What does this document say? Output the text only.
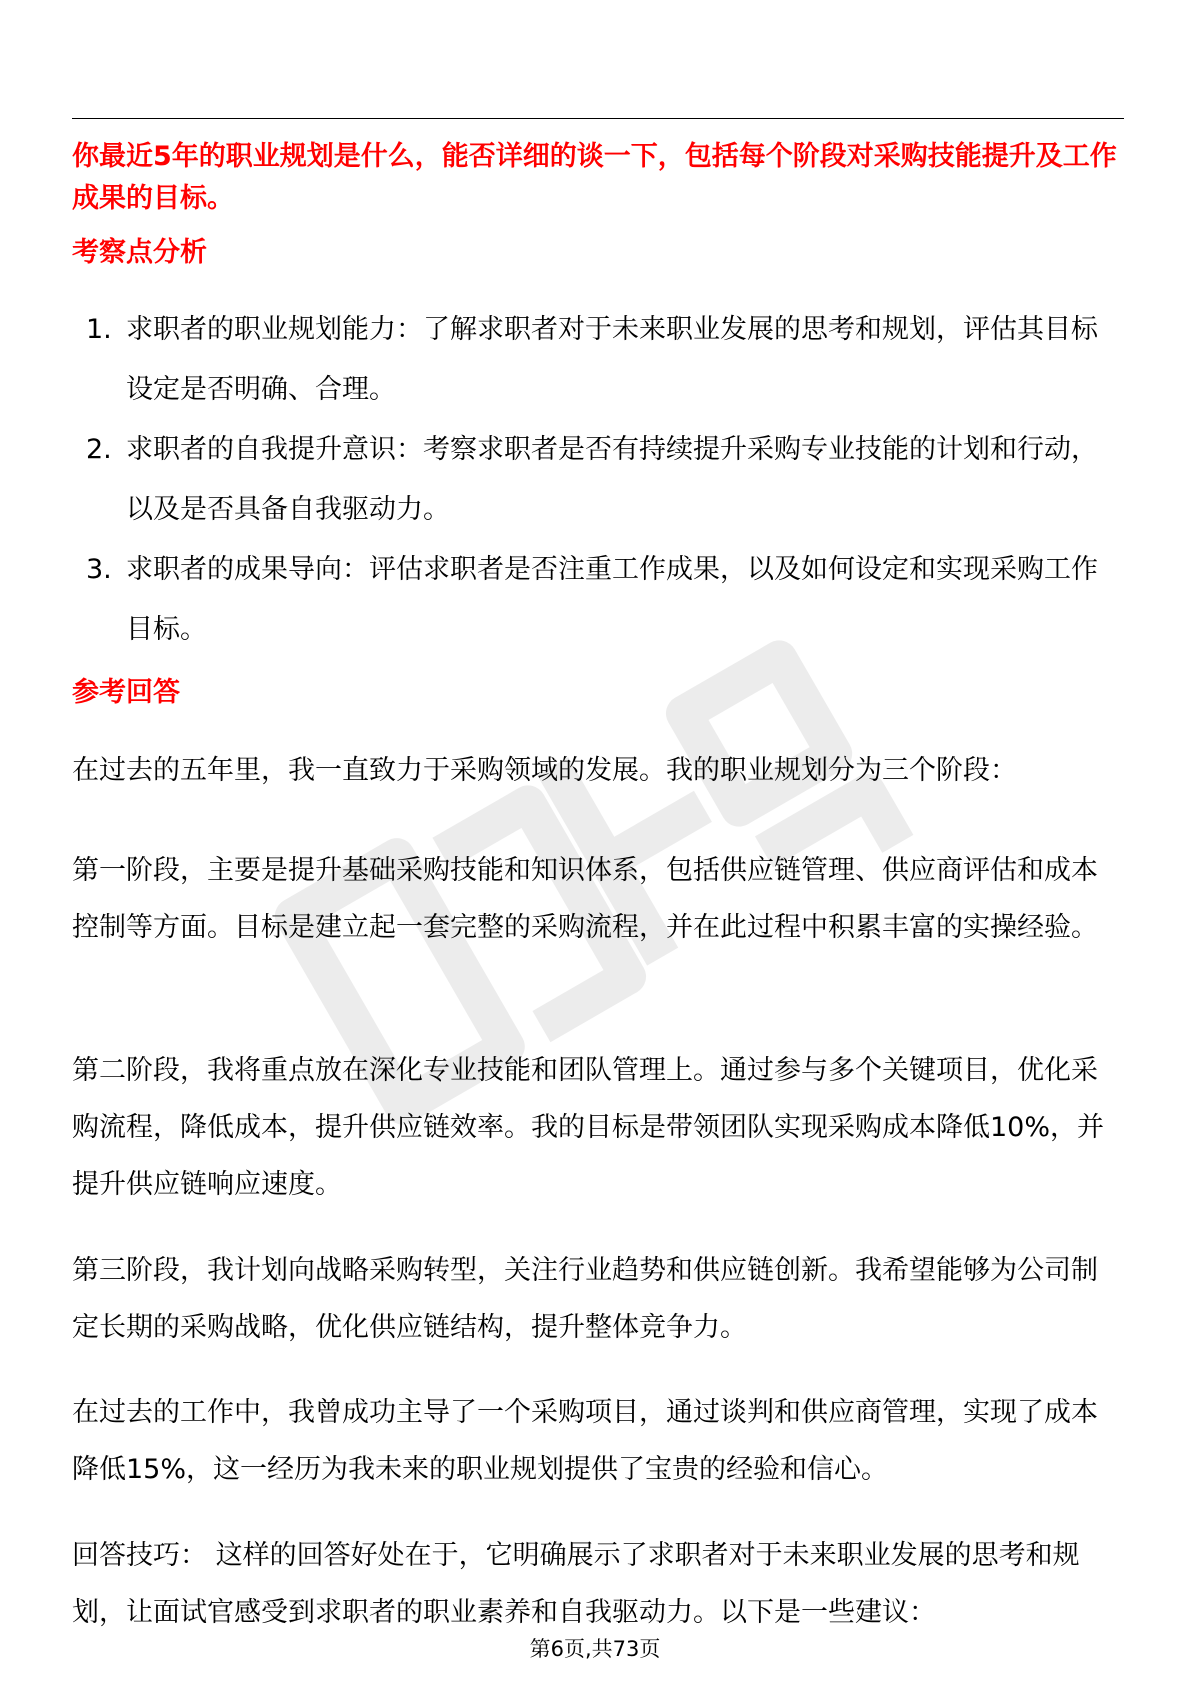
你最近5年的职业规划是什么，能否详细的谈一下，包括每个阶段对采购技能提升及工作成果的目标。

考察点分析
1. 求职者的职业规划能力：了解求职者对于未来职业发展的思考和规划，评估其目标设定是否明确、合理。
2. 求职者的自我提升意识：考察求职者是否有持续提升采购专业技能的计划和行动，以及是否具备自我驱动力。
3. 求职者的成果导向：评估求职者是否注重工作成果，以及如何设定和实现采购工作目标。
参考回答

在过去的五年里，我一直致力于采购领域的发展。我的职业规划分为三个阶段：

第一阶段，主要是提升基础采购技能和知识体系，包括供应链管理、供应商评估和成本控制等方面。目标是建立起一套完整的采购流程，并在此过程中积累丰富的实操经验。

第二阶段，我将重点放在深化专业技能和团队管理上。通过参与多个关键项目，优化采购流程，降低成本，提升供应链效率。我的目标是带领团队实现采购成本降低10%，并提升供应链响应速度。

第三阶段，我计划向战略采购转型，关注行业趋势和供应链创新。我希望能够为公司制定长期的采购战略，优化供应链结构，提升整体竞争力。

在过去的工作中，我曾成功主导了一个采购项目，通过谈判和供应商管理，实现了成本降低15%，这一经历为我未来的职业规划提供了宝贵的经验和信心。

回答技巧： 这样的回答好处在于，它明确展示了求职者对于未来职业发展的思考和规划，让面试官感受到求职者的职业素养和自我驱动力。以下是一些建议：

第6页,共73页
